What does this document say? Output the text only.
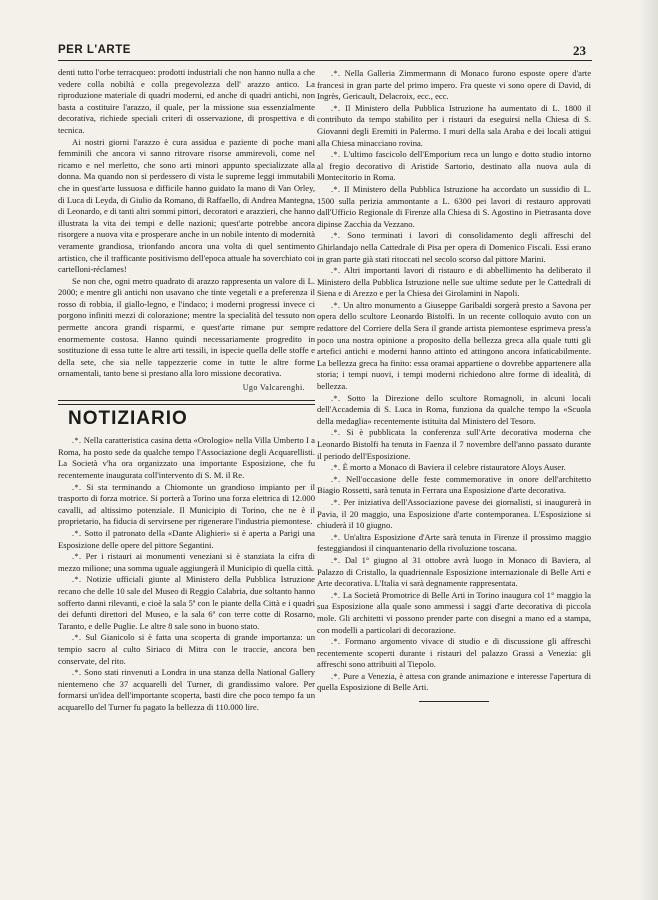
PER L'ARTE	23

denti tutto l'orbe terracqueo: prodotti industriali che non hanno nulla a che vedere colla nobiltà e colla pregevolezza dell' arazzo antico. La riproduzione materiale di quadri moderni, ed anche di quadri antichi, non basta a costituire l'arazzo, il quale, per la missione sua essenzialmente decorativa, richiede speciali criteri di osservazione, di prospettiva e di tecnica.

Ai nostri giorni l'arazzo è cura assidua e paziente di poche mani femminili che ancora vi sanno ritrovare risorse ammirevoli, come nel ricamo e nel merletto, che sono arti minori appunto specializzate alla donna. Ma quando non si perdessero di vista le supreme leggi immutabili che in quest'arte lussuosa e difficile hanno guidato la mano di Van Orley, di Luca di Leyda, di Giulio da Romano, di Raffaello, di Andrea Mantegna, di Leonardo, e di tanti altri sommi pittori, decoratori e arazzieri, che hanno illustrata la vita dei tempi e delle nazioni; quest'arte potrebbe ancora risorgere a nuova vita e prosperare anche in un nobile intento di modernità veramente grandiosa, trionfando ancora una volta di quel sentimento artistico, che il trafficante positivismo dell'epoca attuale ha soverchiato coi cartelloni-réclames!

Se non che, ogni metro quadrato di arazzo rappresenta un valore di L. 2000; e mentre gli antichi non usavano che tinte vegetali e a preferenza il rosso di robbia, il giallo-legno, e l'indaco; i moderni progressi invece ci porgono infiniti mezzi di colorazione; mentre la specialità del tessuto non permette ancora grandi risparmi, e quest'arte rimane pur sempre enormemente costosa. Hanno quindi necessariamente progredito in sostituzione di essa tutte le altre arti tessili, in ispecie quella delle stoffe e della sete, che sia nelle tappezzerie come in tutte le altre forme ornamentali, tanto bene si prestano alla loro missione decorativa.

Ugo Valcarenghi.

NOTIZIARIO

.*. Nella caratteristica casina detta «Orologio» nella Villa Umberto I a Roma, ha posto sede da qualche tempo l'Associazione degli Acquarellisti. La Società v'ha ora organizzato una importante Esposizione, che fu recentemente inaugurata coll'intervento di S. M. il Re.

.*. Si sta terminando a Chiomonte un grandioso impianto per il trasporto di forza motrice. Si porterà a Torino una forza elettrica di 12.000 cavalli, ad altissimo potenziale. Il Municipio di Torino, che ne è il proprietario, ha fiducia di servirsene per rigenerare l'industria piemontese.

.*. Sotto il patronato della «Dante Alighieri» si è aperta a Parigi una Esposizione delle opere del pittore Segantini.

.*. Per i ristauri ai monumenti veneziani si è stanziata la cifra di mezzo milione; una somma uguale aggiungerà il Municipio di quella città.

.*. Notizie ufficiali giunte al Ministero della Pubblica Istruzione recano che delle 10 sale del Museo di Reggio Calabria, due soltanto hanno sofferto danni rilevanti, e cioè la sala 5ª con le piante della Città e i quadri dei defunti direttori del Museo, e la sala 6ª con terre cotte di Rosarno, Taranto, e delle Puglie. Le altre 8 sale sono in buono stato.

.*. Sul Gianicolo si è fatta una scoperta di grande importanza: un tempio sacro al culto Siriaco di Mitra con le traccie, ancora ben conservate, del rito.

.*. Sono stati rinvenuti a Londra in una stanza della National Gallery nientemeno che 37 acquarelli del Turner, di grandissimo valore. Per formarsi un'idea dell'importante scoperta, basti dire che poco tempo fa un acquarello del Turner fu pagato la bellezza di 110.000 lire.

.*. Nella Galleria Zimmermann di Monaco furono esposte opere d'arte francesi in gran parte del primo impero. Fra queste vi sono opere di David, di Ingrès, Gericault, Delacroix, ecc., ecc.

.*. Il Ministero della Pubblica Istruzione ha aumentato di L. 1800 il contributo da tempo stabilito per i ristauri da eseguirsi nella Chiesa di S. Giovanni degli Eremiti in Palermo. I muri della sala Araba e dei locali attigui alla Chiesa minacciano rovina.

.*. L'ultimo fascicolo dell'Emporium reca un lungo e dotto studio intorno al fregio decorativo di Aristide Sartorio, destinato alla nuova aula di Montecitorio in Roma.

.*. Il Ministero della Pubblica Istruzione ha accordato un sussidio di L. 1500 sulla perizia ammontante a L. 6300 pei lavori di restauro approvati dall'Ufficio Regionale di Firenze alla Chiesa di S. Agostino in Pietrasanta dove dipinse Zacchia da Vezzano.

.*. Sono terminati i lavori di consolidamento degli affreschi del Ghirlandajo nella Cattedrale di Pisa per opera di Domenico Fiscali. Essi erano in gran parte già stati ritoccati nel secolo scorso dal pittore Marini.

.*. Altri importanti lavori di ristauro e di abbellimento ha deliberato il Ministero della Pubblica Istruzione nelle sue ultime sedute per le Cattedrali di Siena e di Arezzo e per la Chiesa dei Girolamini in Napoli.

.*. Un altro monumento a Giuseppe Garibaldi sorgerà presto a Savona per opera dello scultore Leonardo Bistolfi. In un recente colloquio avuto con un redattore del Corriere della Sera il grande artista piemontese esprimeva press'a poco una nostra opinione a proposito della bellezza greca alla quale tutti gli artefici antichi e moderni hanno attinto ed attingono ancora infaticabilmente. La bellezza greca ha finito: essa oramai appartiene o dovrebbe appartenere alla storia; i tempi nuovi, i tempi moderni richiedono altre forme di idealità, di bellezza.

.*. Sotto la Direzione dello scultore Romagnoli, in alcuni locali dell'Accademia di S. Luca in Roma, funziona da qualche tempo la «Scuola della medaglia» recentemente istituita dal Ministero del Tesoro.

.*. Si è pubblicata la conferenza sull'Arte decorativa moderna che Leonardo Bistolfi ha tenuta in Faenza il 7 novembre dell'anno passato durante il periodo dell'Esposizione.

.*. È morto a Monaco di Baviera il celebre ristauratore Aloys Auser.

.*. Nell'occasione delle feste commemorative in onore dell'architetto Biagio Rossetti, sarà tenuta in Ferrara una Esposizione d'arte decorativa.

.*. Per iniziativa dell'Associazione pavese dei giornalisti, si inaugurerà in Pavia, il 20 maggio, una Esposizione d'arte contemporanea. L'Esposizione si chiuderà il 10 giugno.

.*. Un'altra Esposizione d'Arte sarà tenuta in Firenze il prossimo maggio festeggiandosi il cinquantenario della rivoluzione toscana.

.*. Dal 1° giugno al 31 ottobre avrà luogo in Monaco di Baviera, al Palazzo di Cristallo, la quadriennale Esposizione internazionale di Belle Arti e Arte decorativa. L'Italia vi sarà degnamente rappresentata.

.*. La Società Promotrice di Belle Arti in Torino inaugura col 1° maggio la sua Esposizione alla quale sono ammessi i saggi d'arte decorativa di piccola mole. Gli architetti vi possono prender parte con disegni a mano ed a stampa, con modelli a particolari di decorazione.

.*. Formano argomento vivace di studio e di discussione gli affreschi recentemente scoperti durante i ristauri del palazzo Grassi a Venezia: gli affreschi sono attribuiti al Tiepolo.

.*. Pure a Venezia, è attesa con grande animazione e interesse l'apertura di quella Esposizione di Belle Arti.
